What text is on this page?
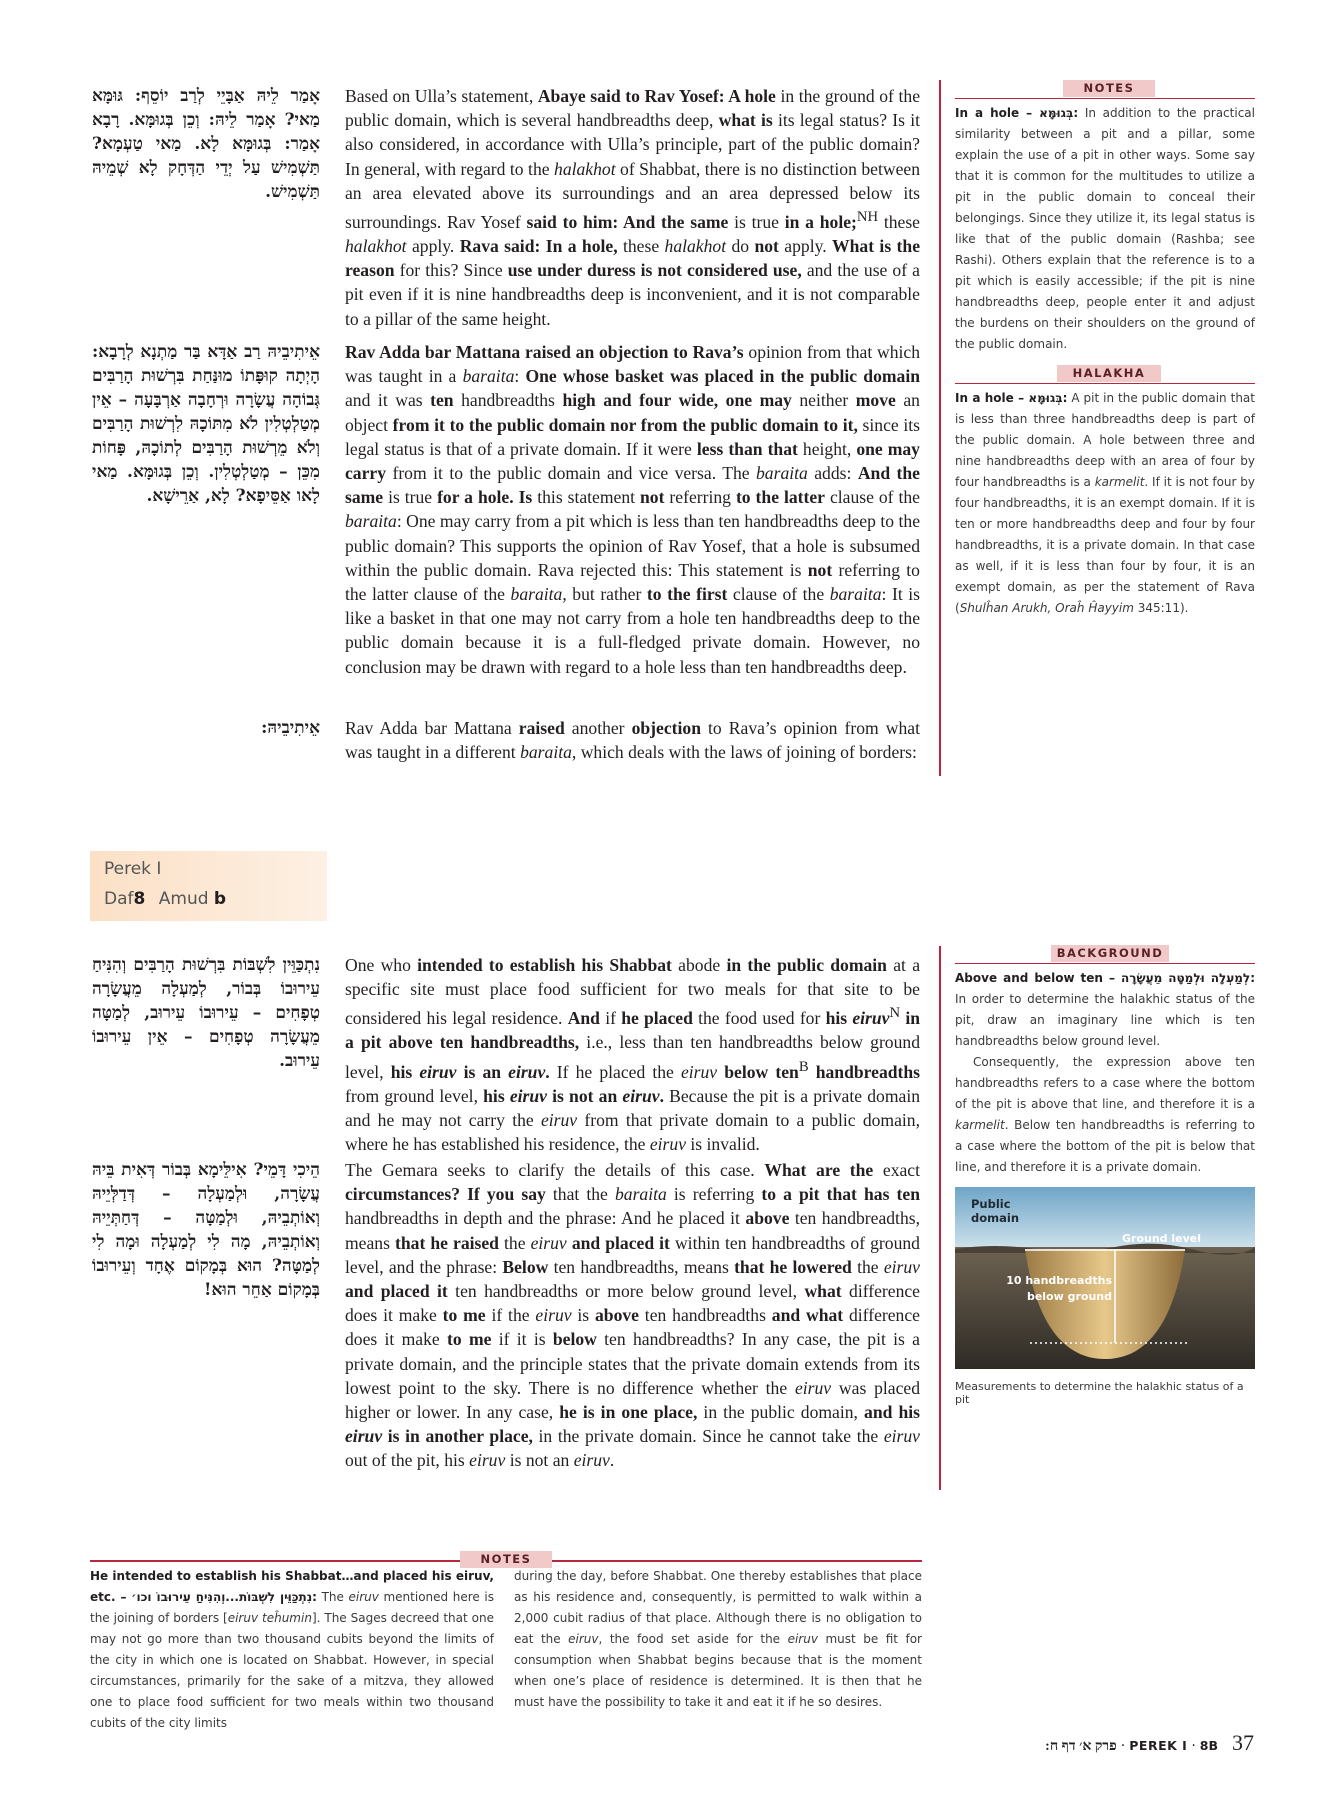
אָמַר לֵיהּ אַבָּיֵי לְרַב יוֹסֵף: גּוּמָּא מַאי? אָמַר לֵיהּ: וְכֵן בְּגוּמָּא. רָבָא אָמַר: בְּגוּמָּא לָא. מַאי טַעְמָא? תַּשְׁמִישׁ עַל יְדֵי הַדְּחָק לָא שְׁמֵיהּ תַּשְׁמִישׁ.
Based on Ulla’s statement, Abaye said to Rav Yosef: A hole in the ground of the public domain, which is several handbreadths deep, what is its legal status? Is it also considered, in accordance with Ulla’s principle, part of the public domain? In general, with regard to the halakhot of Shabbat, there is no distinction between an area elevated above its surroundings and an area depressed below its surroundings. Rav Yosef said to him: And the same is true in a hole;$^{NH}$ these halakhot apply. Rava said: In a hole, these halakhot do not apply. What is the reason for this? Since use under duress is not considered use, and the use of a pit even if it is nine handbreadths deep is inconvenient, and it is not comparable to a pillar of the same height.
אֵיתִיבֵיהּ רַב אַדָּא בַּר מַתְנָא לְרָבָא: הָיְתָה קוּפָּתוֹ מוּנַּחַת בִּרְשׁוּת הָרַבִּים גְּבוֹהָה עֲשָׂרָה וּרְחָבָה אַרְבָּעָה – אֵין מְטַלְטְלִין לֹא מִתּוֹכָהּ לִרְשׁוּת הָרַבִּים וְלֹא מֵרְשׁוּת הָרַבִּים לְתוֹכָהּ, פָּחוֹת מִכֵּן – מְטַלְטְלִין. וְכֵן בְּגוּמָּא. מַאי לָאו אַסֵּיפָא? לָא, אַרֵישָׁא.
Rav Adda bar Mattana raised an objection to Rava’s opinion from that which was taught in a baraita: One whose basket was placed in the public domain and it was ten handbreadths high and four wide, one may neither move an object from it to the public domain nor from the public domain to it, since its legal status is that of a private domain. If it were less than that height, one may carry from it to the public domain and vice versa. The baraita adds: And the same is true for a hole. Is this statement not referring to the latter clause of the baraita: One may carry from a pit which is less than ten handbreadths deep to the public domain? This supports the opinion of Rav Yosef, that a hole is subsumed within the public domain. Rava rejected this: This statement is not referring to the latter clause of the baraita, but rather to the first clause of the baraita: It is like a basket in that one may not carry from a hole ten handbreadths deep to the public domain because it is a full-fledged private domain. However, no conclusion may be drawn with regard to a hole less than ten handbreadths deep.
אֵיתִיבֵיהּ: Rav Adda bar Mattana raised another objection to Rava’s opinion from what was taught in a different baraita, which deals with the laws of joining of borders:
NOTES
In a hole – בְּגוּמָּא: In addition to the practical similarity between a pit and a pillar, some explain the use of a pit in other ways. Some say that it is common for the multitudes to utilize a pit in the public domain to conceal their belongings. Since they utilize it, its legal status is like that of the public domain (Rashba; see Rashi). Others explain that the reference is to a pit which is easily accessible; if the pit is nine handbreadths deep, people enter it and adjust the burdens on their shoulders on the ground of the public domain.
HALAKHA
In a hole – בְּגוּמָּא: A pit in the public domain that is less than three handbreadths deep is part of the public domain. A hole between three and nine handbreadths deep with an area of four by four handbreadths is a karmelit. If it is not four by four handbreadths, it is an exempt domain. If it is ten or more handbreadths deep and four by four handbreadths, it is a private domain. In that case as well, if it is less than four by four, it is an exempt domain, as per the statement of Rava (Shulĥan Arukh, Oraĥ Ĥayyim 345:11).
Perek I
Daf8 Amud b
נִתְכַּוֵּין לִשְׁבּוֹת בִּרְשׁוּת הָרַבִּים וְהִנִּיחַ עֵירוּבוֹ בְּבוֹר, לְמַעְלָה מֵעֲשָׂרָה טְפָחִים – עֵירוּבוֹ עֵירוּב, לְמַטָּה מֵעֲשָׂרָה טְפָחִים – אֵין עֵירוּבוֹ עֵירוּב.
One who intended to establish his Shabbat abode in the public domain at a specific site must place food sufficient for two meals for that site to be considered his legal residence. And if he placed the food used for his eiruv$^N$ in a pit above ten handbreadths, i.e., less than ten handbreadths below ground level, his eiruv is an eiruv. If he placed the eiruv below ten$^B$ handbreadths from ground level, his eiruv is not an eiruv. Because the pit is a private domain and he may not carry the eiruv from that private domain to a public domain, where he has established his residence, the eiruv is invalid.
הֵיכִי דָּמֵי? אִילֵּימָא בְּבוֹר דְּאִית בֵּיהּ עֲשָׂרָה, וּלְמַעְלָה – דְּדַלְּיֵיהּ וְאוֹתְבֵיהּ, וּלְמַטָּה – דְּחַתְּיֵיהּ וְאוֹתְבֵיהּ, מָה לִי לְמַעְלָה וּמָה לִי לְמַטָּה? הוּא בְּמָקוֹם אֶחָד וְעֵירוּבוֹ בְּמָקוֹם אַחֵר הוּא!
The Gemara seeks to clarify the details of this case. What are the exact circumstances? If you say that the baraita is referring to a pit that has ten handbreadths in depth and the phrase: And he placed it above ten handbreadths, means that he raised the eiruv and placed it within ten handbreadths of ground level, and the phrase: Below ten handbreadths, means that he lowered the eiruv and placed it ten handbreadths or more below ground level, what difference does it make to me if the eiruv is above ten handbreadths and what difference does it make to me if it is below ten handbreadths? In any case, the pit is a private domain, and the principle states that the private domain extends from its lowest point to the sky. There is no difference whether the eiruv was placed higher or lower. In any case, he is in one place, in the public domain, and his eiruv is in another place, in the private domain. Since he cannot take the eiruv out of the pit, his eiruv is not an eiruv.
BACKGROUND
Above and below ten – לְמַעְלָה וּלְמַטָּה מֵעֲשָׂרָה: In order to determine the halakhic status of the pit, draw an imaginary line which is ten handbreadths below ground level.
Consequently, the expression above ten handbreadths refers to a case where the bottom of the pit is above that line, and therefore it is a karmelit. Below ten handbreadths is referring to a case where the bottom of the pit is below that line, and therefore it is a private domain.
Public
domain
Ground level
10 handbreadths
below ground
Measurements to determine the halakhic status of a pit
NOTES
He intended to establish his Shabbat…and placed his eiruv, etc. – נִתְכַּוֵּין לִשְׁבּוֹת...וְהִנִּיחַ עֵירוּבוֹ וכו׳: The eiruv mentioned here is the joining of borders [eiruv teĥumin]. The Sages decreed that one may not go more than two thousand cubits beyond the limits of the city in which one is located on Shabbat. However, in special circumstances, primarily for the sake of a mitzva, they allowed one to place food sufficient for two meals within two thousand cubits of the city limits
during the day, before Shabbat. One thereby establishes that place as his residence and, consequently, is permitted to walk within a 2,000 cubit radius of that place. Although there is no obligation to eat the eiruv, the food set aside for the eiruv must be fit for consumption when Shabbat begins because that is the moment when one’s place of residence is determined. It is then that he must have the possibility to take it and eat it if he so desires.
פרק א׳ דף ח: · PEREK I · 8B 37
